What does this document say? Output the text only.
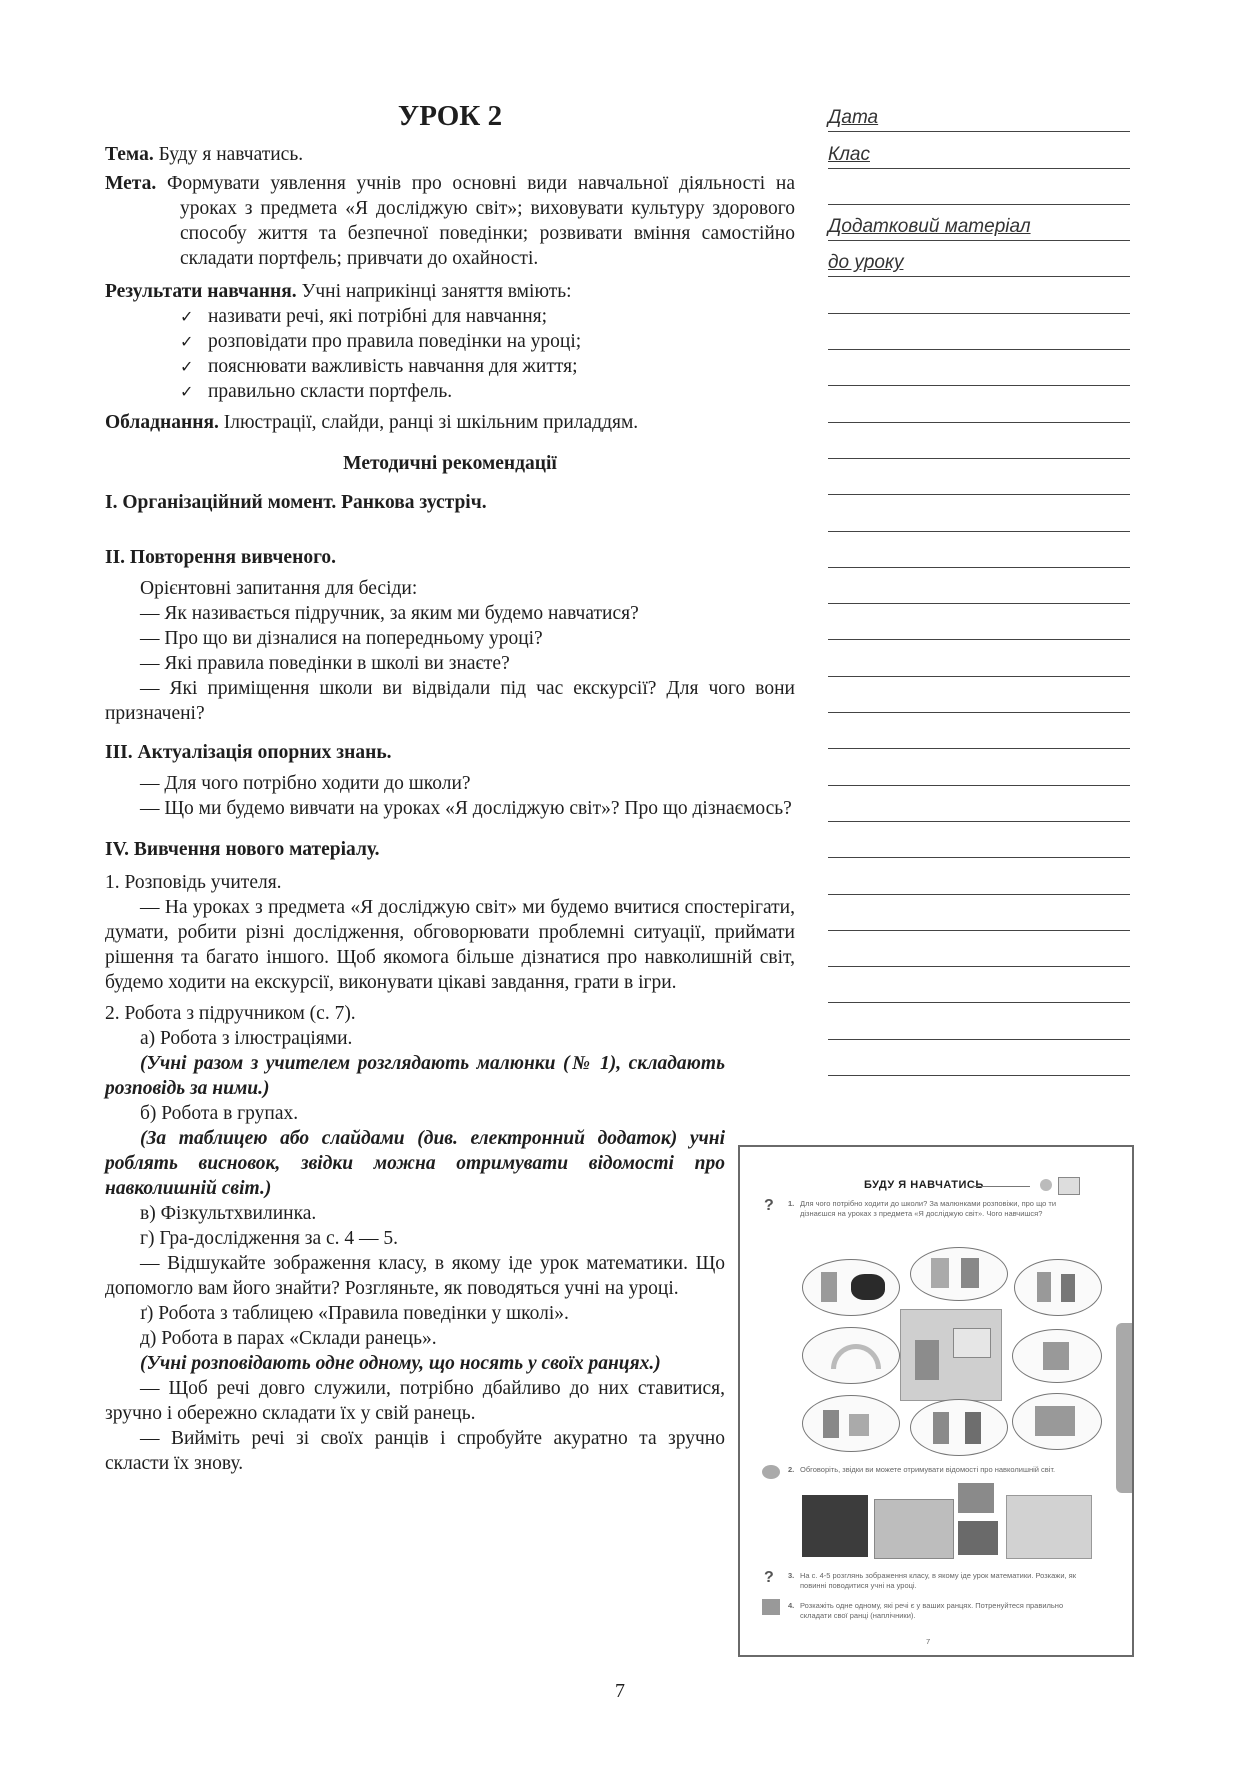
УРОК 2
Тема. Буду я навчатись.
Мета. Формувати уявлення учнів про основні види навчальної діяльності на уроках з предмета «Я досліджую світ»; виховувати культуру здорового способу життя та безпечної поведінки; розвивати вміння самостійно складати портфель; привчати до охайності.
Результати навчання. Учні наприкінці заняття вміють:
✓ називати речі, які потрібні для навчання;
✓ розповідати про правила поведінки на уроці;
✓ пояснювати важливість навчання для життя;
✓ правильно скласти портфель.
Обладнання. Ілюстрації, слайди, ранці зі шкільним приладдям.
Методичні рекомендації
І. Організаційний момент. Ранкова зустріч.
ІІ. Повторення вивченого.
Орієнтовні запитання для бесіди:
— Як називається підручник, за яким ми будемо навчатися?
— Про що ви дізналися на попередньому уроці?
— Які правила поведінки в школі ви знаєте?
— Які приміщення школи ви відвідали під час екскурсії? Для чого вони призначені?
ІІІ. Актуалізація опорних знань.
— Для чого потрібно ходити до школи?
— Що ми будемо вивчати на уроках «Я досліджую світ»? Про що дізнаємось?
IV. Вивчення нового матеріалу.
1. Розповідь учителя.
— На уроках з предмета «Я досліджую світ» ми будемо вчитися спостерігати, думати, робити різні дослідження, обговорювати проблемні ситуації, приймати рішення та багато іншого. Щоб якомога більше дізнатися про навколишній світ, будемо ходити на екскурсії, виконувати цікаві завдання, грати в ігри.
2. Робота з підручником (с. 7).
а) Робота з ілюстраціями.
(Учні разом з учителем розглядають малюнки (№ 1), складають розповідь за ними.)
б) Робота в групах.
(За таблицею або слайдами (див. електронний додаток) учні роблять висновок, звідки можна отримувати відомості про навколишній світ.)
в) Фізкультхвилинка.
г) Гра-дослідження за с. 4 — 5.
— Відшукайте зображення класу, в якому іде урок математики. Що допомогло вам його знайти? Розгляньте, як поводяться учні на уроці.
ґ) Робота з таблицею «Правила поведінки у школі».
д) Робота в парах «Склади ранець».
(Учні розповідають одне одному, що носять у своїх ранцях.)
— Щоб речі довго служили, потрібно дбайливо до них ставитися, зручно і обережно складати їх у свій ранець.
— Вийміть речі зі своїх ранців і спробуйте акуратно та зручно скласти їх знову.
Дата
Клас
Додатковий матеріал
до уроку
БУДУ Я НАВЧАТИСЬ
? 1. Для чого потрібно ходити до школи? За малюнками розповіжи, про що ти дізнаєшся на уроках з предмета «Я досліджую світ». Чого навчишся?
2. Обговоріть, звідки ви можете отримувати відомості про навколишній світ.
? 3. На с. 4-5 розглянь зображення класу, в якому іде урок математики. Розкажи, як повинні поводитися учні на уроці.
4. Розкажіть одне одному, які речі є у ваших ранцях. Потренуйтеся правильно складати свої ранці (наплічники).
7
7
